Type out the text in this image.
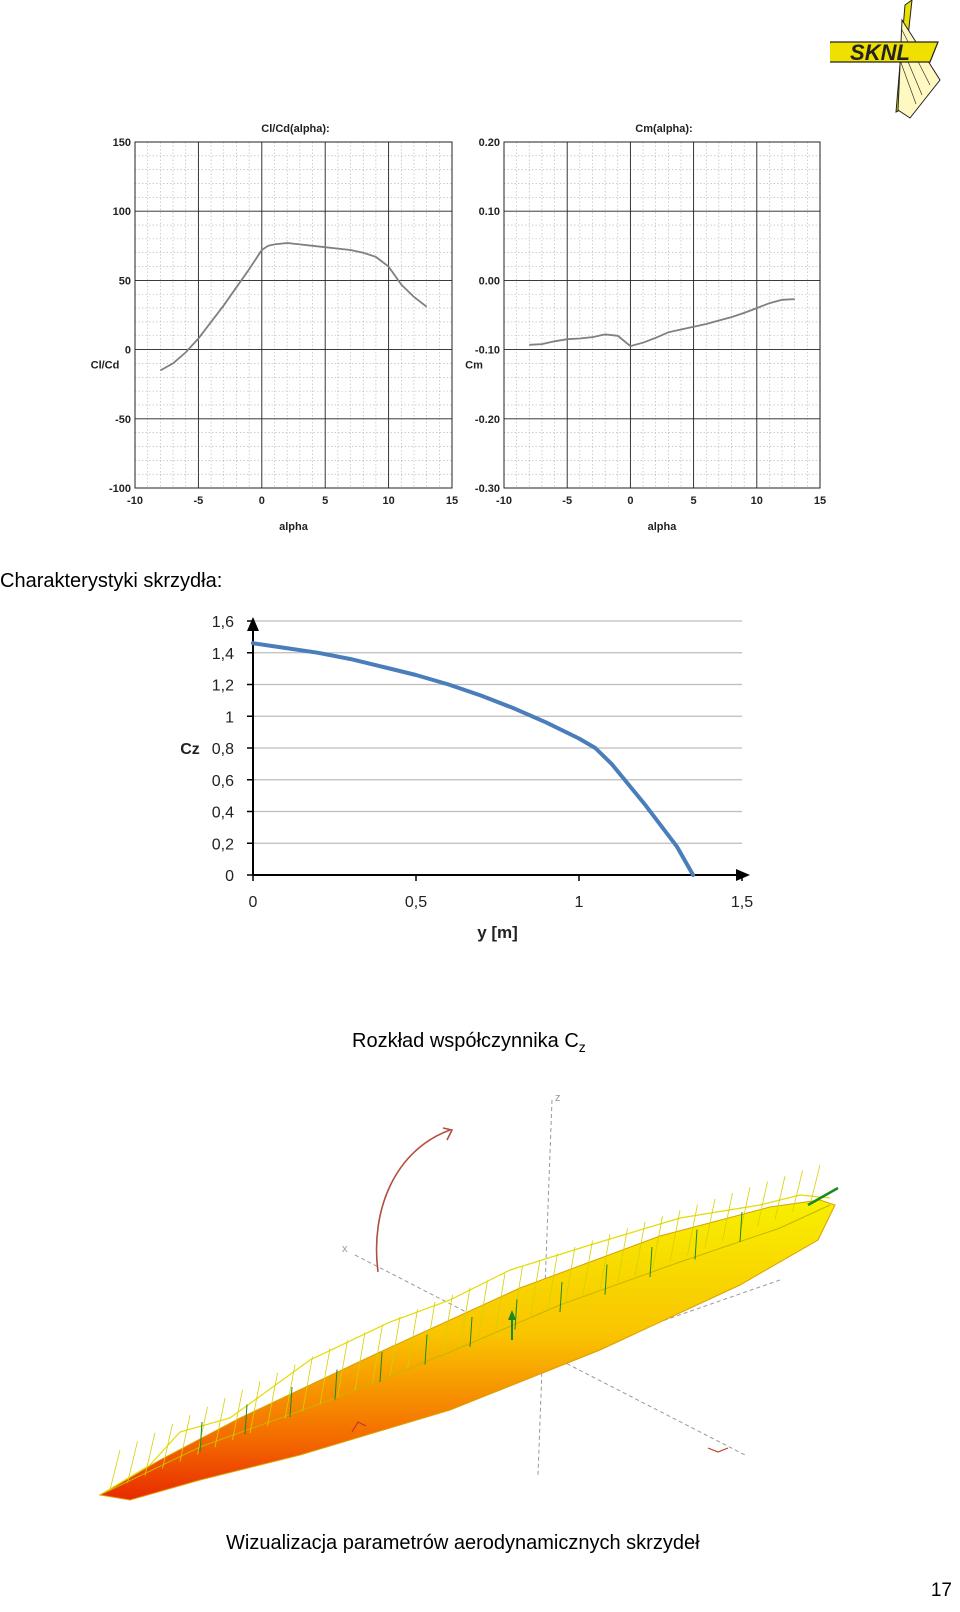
SKNL
-10	-5	0	5	10	15
150
100
50
0
-50
-100
Cl/Cd(alpha):
alpha
Cl/Cd
-10	-5	0	5	10	15
0.20
0.10
0.00
-0.10
-0.20
-0.30
Cm(alpha):
alpha
Cm
1,6
1,4
1,2
1
0,8
0,6
0,4
0,2
0
0	0,5	1	1,5
Cz
y [m]
z
x
Charakterystyki skrzydła:
Rozkład współczynnika $C_z$
Wizualizacja parametrów aerodynamicznych skrzydeł
17
